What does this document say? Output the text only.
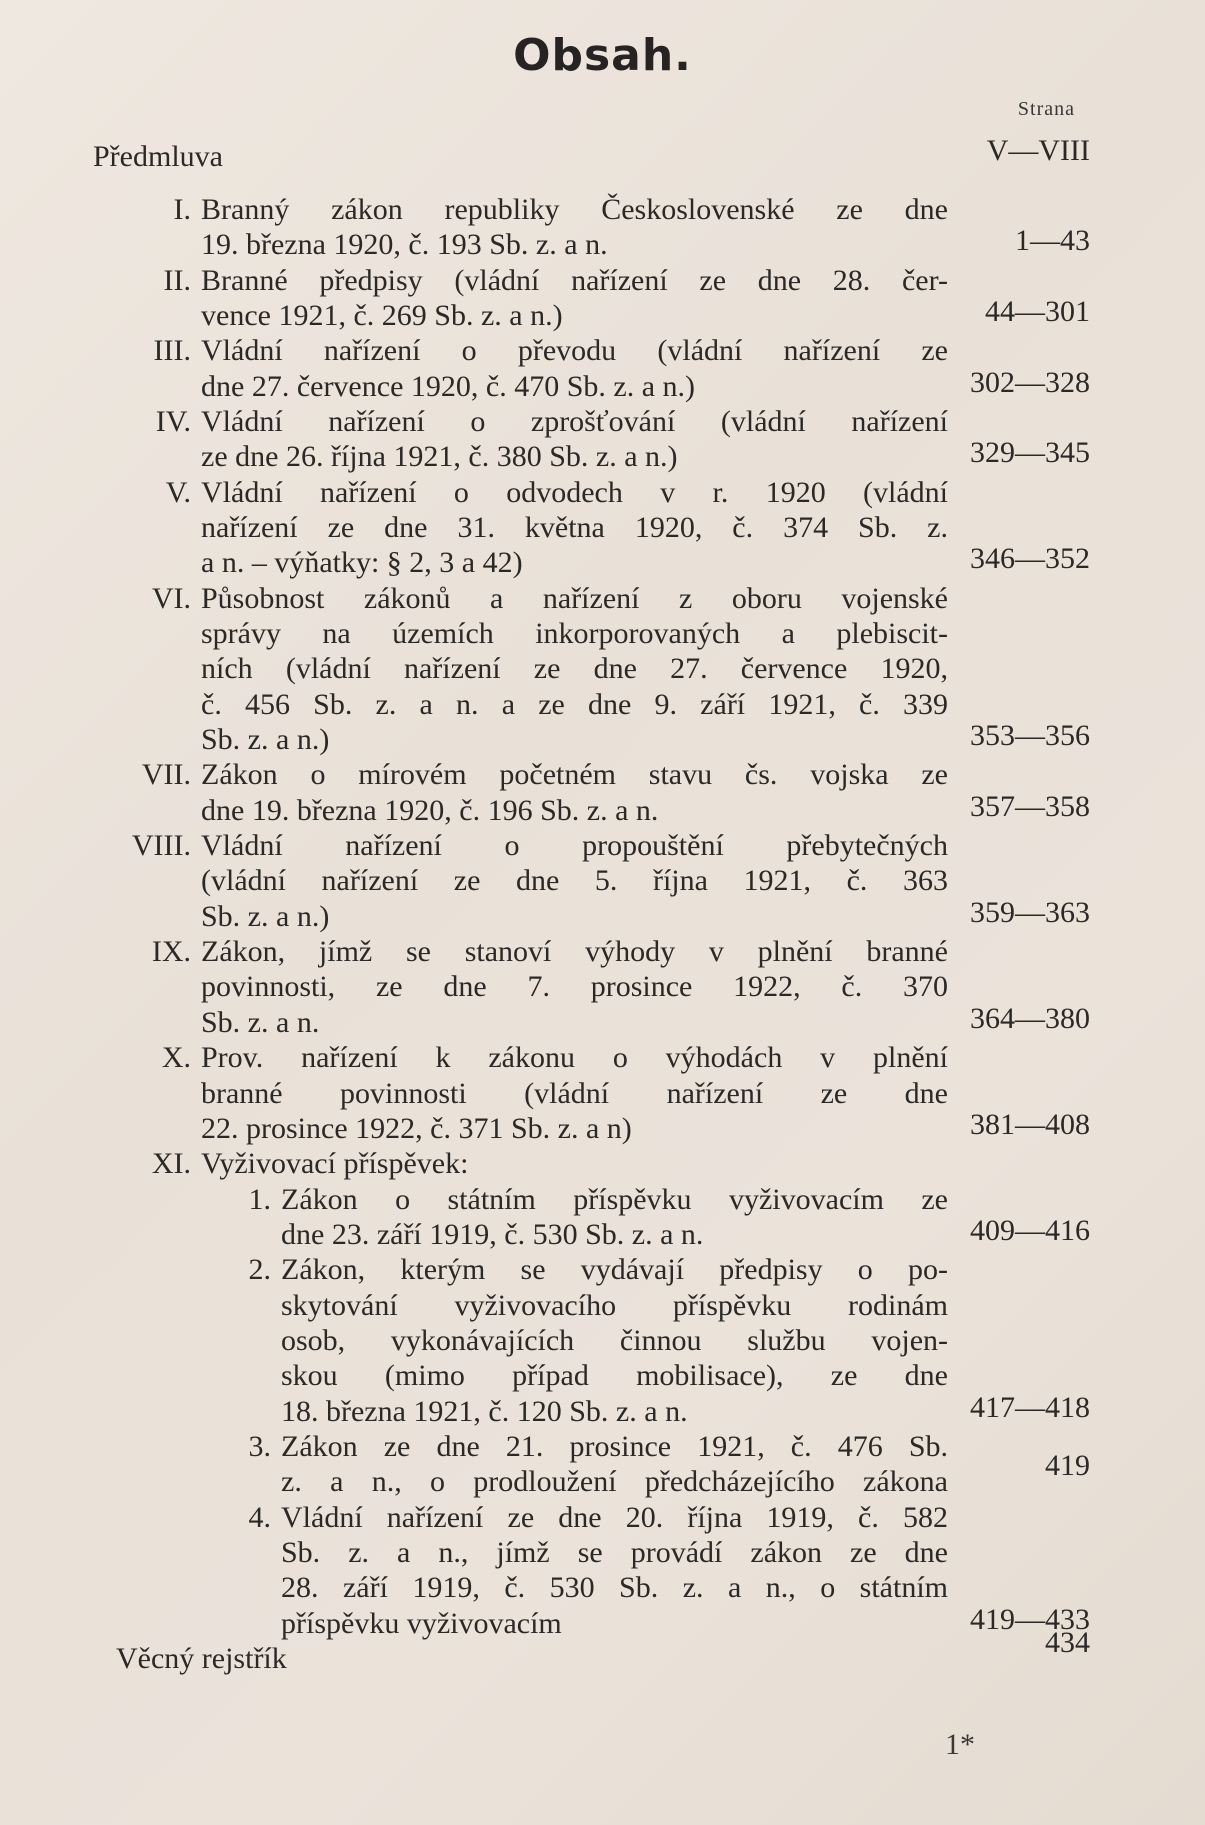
Obsah.
Strana
Předmluva	V—VIII
Branný zákon republiky Československé ze dne
19. března 1920, č. 193 Sb. z. a n.
I.
1—43
Branné předpisy (vládní nařízení ze dne 28. čer-
vence 1921, č. 269 Sb. z. a n.)
II.
44—301
Vládní nařízení o převodu (vládní nařízení ze
dne 27. července 1920, č. 470 Sb. z. a n.)
III.
302—328
Vládní nařízení o zprošťování (vládní nařízení
ze dne 26. října 1921, č. 380 Sb. z. a n.)
IV.
329—345
Vládní nařízení o odvodech v r. 1920 (vládní
nařízení ze dne 31. května 1920, č. 374 Sb. z.
a n. – výňatky: § 2, 3 a 42)
V.
346—352
Působnost zákonů a nařízení z oboru vojenské
správy na územích inkorporovaných a plebiscit-
ních (vládní nařízení ze dne 27. července 1920,
č. 456 Sb. z. a n. a ze dne 9. září 1921, č. 339
Sb. z. a n.)
VI.
353—356
Zákon o mírovém početném stavu čs. vojska ze
dne 19. března 1920, č. 196 Sb. z. a n.
VII.
357—358
Vládní nařízení o propouštění přebytečných
(vládní nařízení ze dne 5. října 1921, č. 363
Sb. z. a n.)
VIII.
359—363
Zákon, jímž se stanoví výhody v plnění branné
povinnosti, ze dne 7. prosince 1922, č. 370
Sb. z. a n.
IX.
364—380
Prov. nařízení k zákonu o výhodách v plnění
branné povinnosti (vládní nařízení ze dne
22. prosince 1922, č. 371 Sb. z. a n)
X.
381—408
Vyživovací příspěvek:
XI.
Zákon o státním příspěvku vyživovacím ze
dne 23. září 1919, č. 530 Sb. z. a n.
1.
409—416
Zákon, kterým se vydávají předpisy o po-
skytování vyživovacího příspěvku rodinám
osob, vykonávajících činnou službu vojen-
skou (mimo případ mobilisace), ze dne
18. března 1921, č. 120 Sb. z. a n.
2.
417—418
Zákon ze dne 21. prosince 1921, č. 476 Sb.
z. a n., o prodloužení předcházejícího zákona
3.
419
Vládní nařízení ze dne 20. října 1919, č. 582
Sb. z. a n., jímž se provádí zákon ze dne
28. září 1919, č. 530 Sb. z. a n., o státním
příspěvku vyživovacím
4.
419—433
Věcný rejstřík	434
1*
